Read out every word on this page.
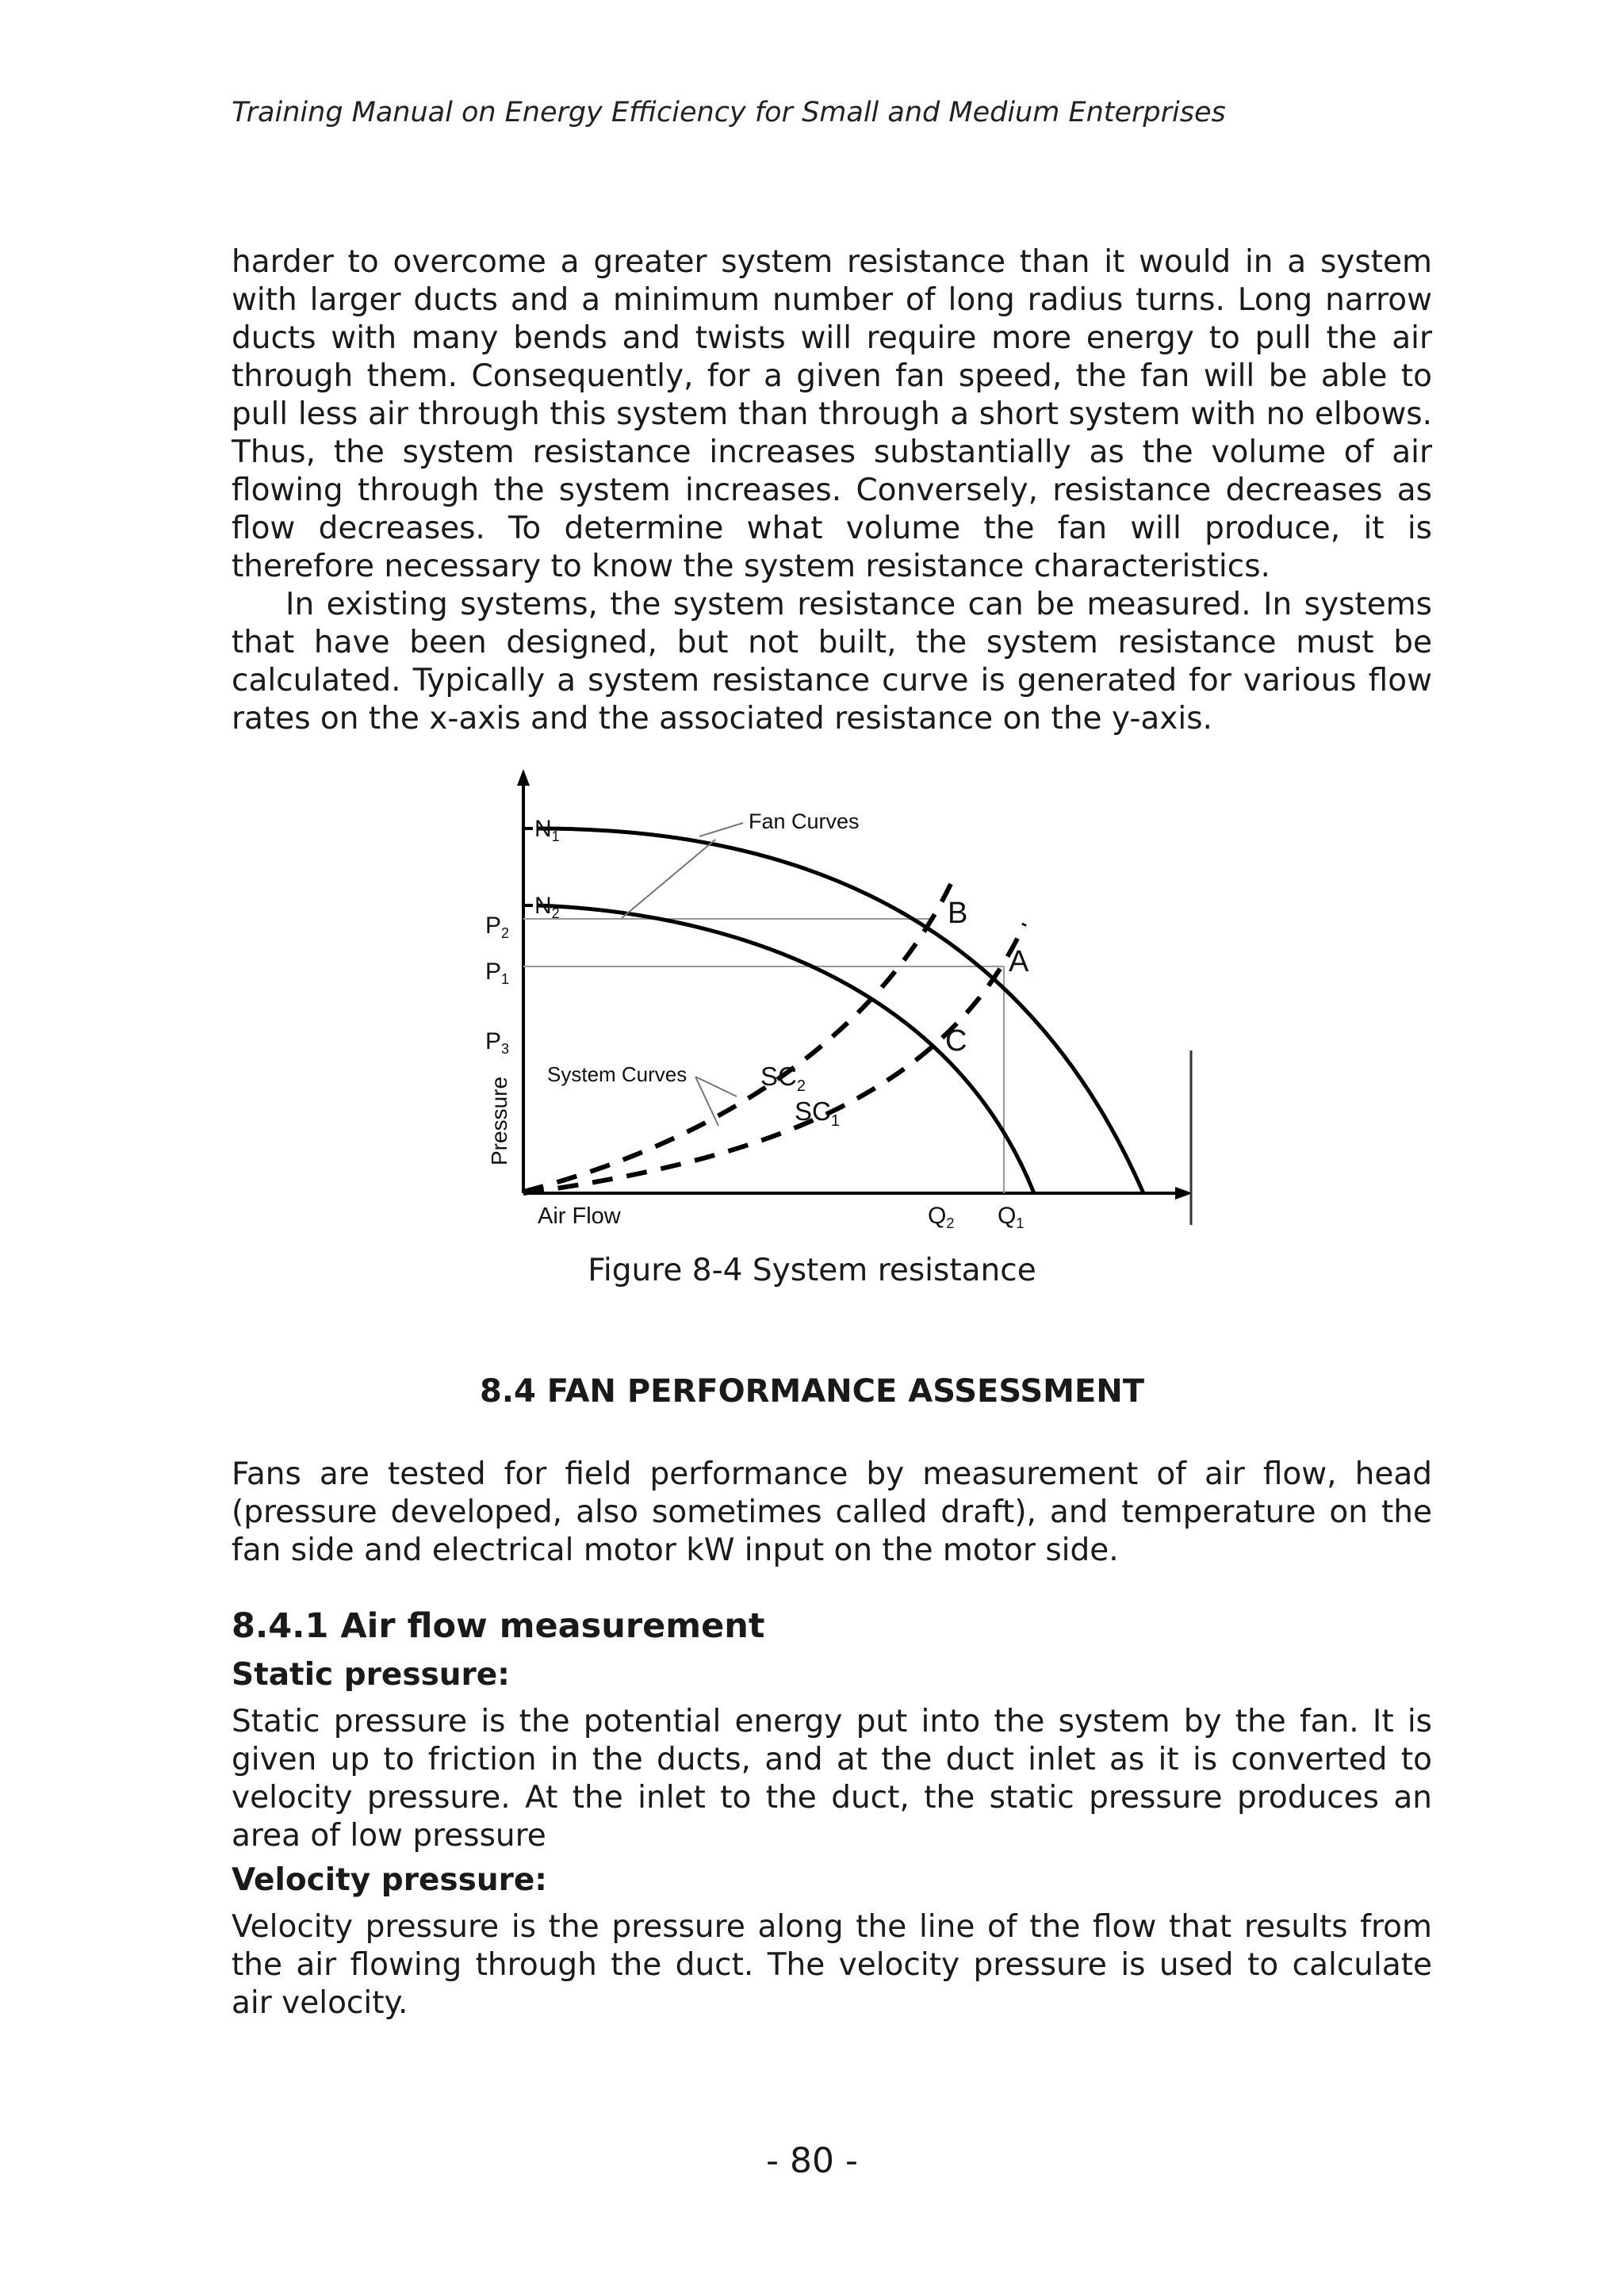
Training Manual on Energy Efficiency for Small and Medium Enterprises

harder to overcome a greater system resistance than it would in a system with larger ducts and a minimum number of long radius turns. Long narrow ducts with many bends and twists will require more energy to pull the air through them. Consequently, for a given fan speed, the fan will be able to pull less air through this system than through a short system with no elbows. Thus, the system resistance increases substantially as the volume of air flowing through the system increases. Conversely, resistance decreases as flow decreases. To determine what volume the fan will produce, it is therefore necessary to know the system resistance characteristics.

In existing systems, the system resistance can be measured. In systems that have been designed, but not built, the system resistance must be calculated. Typically a system resistance curve is generated for various flow rates on the x-axis and the associated resistance on the y-axis.

$N_1$
$N_2$
Fan Curves
$P_2$
$P_1$
$P_3$
Pressure
System Curves	$SC_2$
$SC_1$
B
A
C
Air Flow	$Q_2$ $Q_1$
Figure 8-4 System resistance
8.4 FAN PERFORMANCE ASSESSMENT

Fans are tested for field performance by measurement of air flow, head (pressure developed, also sometimes called draft), and temperature on the fan side and electrical motor kW input on the motor side.

8.4.1 Air flow measurement
Static pressure:

Static pressure is the potential energy put into the system by the fan. It is given up to friction in the ducts, and at the duct inlet as it is converted to velocity pressure. At the inlet to the duct, the static pressure produces an area of low pressure

Velocity pressure:

Velocity pressure is the pressure along the line of the flow that results from the air flowing through the duct. The velocity pressure is used to calculate air velocity.

- 80 -
